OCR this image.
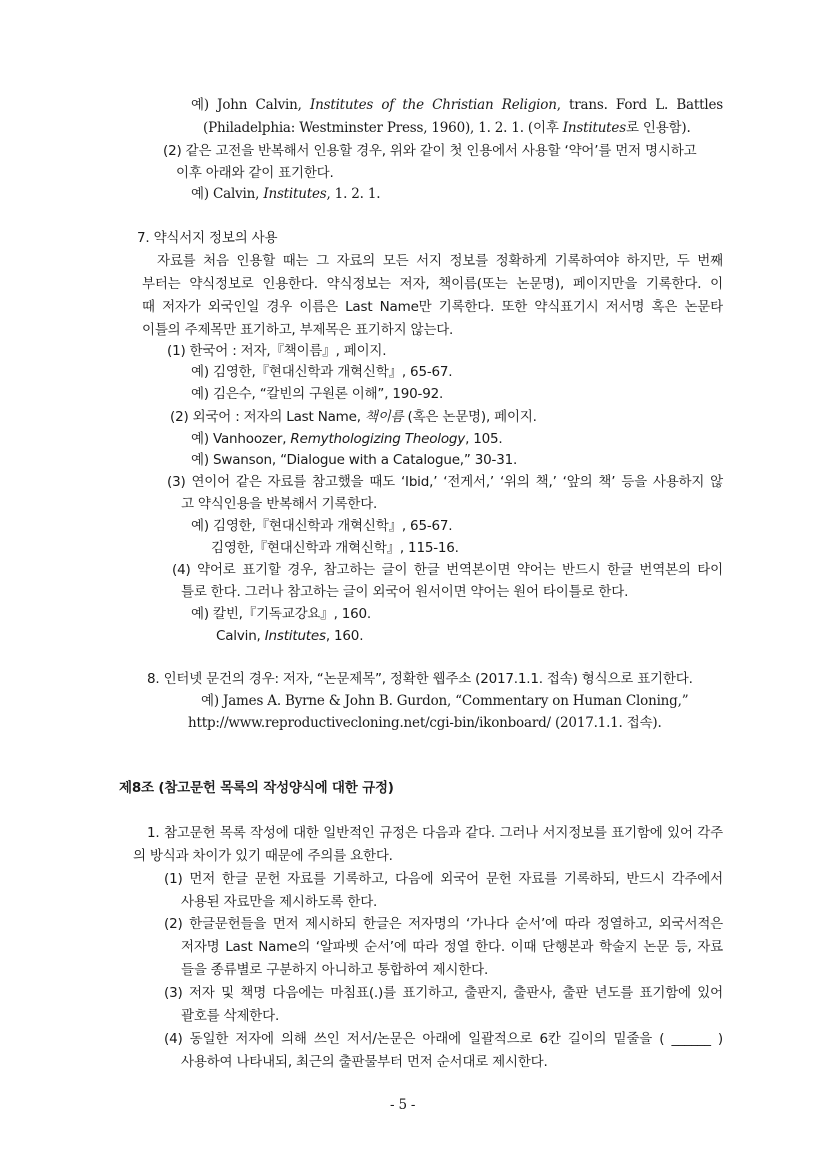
예) John Calvin, Institutes of the Christian Religion, trans. Ford L. Battles
(Philadelphia: Westminster Press, 1960), 1. 2. 1. (이후 Institutes로 인용함).
(2) 같은 고전을 반복해서 인용할 경우, 위와 같이 첫 인용에서 사용할 ‘약어’를 먼저 명시하고
이후 아래와 같이 표기한다.
예) Calvin, Institutes, 1. 2. 1.
7. 약식서지 정보의 사용
자료를 처음 인용할 때는 그 자료의 모든 서지 정보를 정확하게 기록하여야 하지만, 두 번째
부터는 약식정보로 인용한다. 약식정보는 저자, 책이름(또는 논문명), 페이지만을 기록한다. 이
때 저자가 외국인일 경우 이름은 Last Name만 기록한다. 또한 약식표기시 저서명 혹은 논문타
이틀의 주제목만 표기하고, 부제목은 표기하지 않는다.
(1) 한국어 : 저자,『책이름』, 페이지.
예) 김영한,『현대신학과 개혁신학』, 65-67.
예) 김은수, “칼빈의 구원론 이해”, 190-92.
(2) 외국어 : 저자의 Last Name, 책이름 (혹은 논문명), 페이지.
예) Vanhoozer, Remythologizing Theology, 105.
예) Swanson, “Dialogue with a Catalogue,” 30-31.
(3) 연이어 같은 자료를 참고했을 때도 ‘Ibid,’ ‘전게서,’ ‘위의 책,’ ‘앞의 책’ 등을 사용하지 않
고 약식인용을 반복해서 기록한다.
예) 김영한,『현대신학과 개혁신학』, 65-67.
김영한,『현대신학과 개혁신학』, 115-16.
(4) 약어로 표기할 경우, 참고하는 글이 한글 번역본이면 약어는 반드시 한글 번역본의 타이
틀로 한다. 그러나 참고하는 글이 외국어 원서이면 약어는 원어 타이틀로 한다.
예) 칼빈,『기독교강요』, 160.
Calvin, Institutes, 160.
8. 인터넷 문건의 경우: 저자, “논문제목”, 정확한 웹주소 (2017.1.1. 접속) 형식으로 표기한다.
예) James A. Byrne & John B. Gurdon, “Commentary on Human Cloning,”
http://www.reproductivecloning.net/cgi-bin/ikonboard/ (2017.1.1. 접속).
제8조 (참고문헌 목록의 작성양식에 대한 규정)
1. 참고문헌 목록 작성에 대한 일반적인 규정은 다음과 같다. 그러나 서지정보를 표기함에 있어 각주
의 방식과 차이가 있기 때문에 주의를 요한다.
(1) 먼저 한글 문헌 자료를 기록하고, 다음에 외국어 문헌 자료를 기록하되, 반드시 각주에서
사용된 자료만을 제시하도록 한다.
(2) 한글문헌들을 먼저 제시하되 한글은 저자명의 ‘가나다 순서’에 따라 정열하고, 외국서적은
저자명 Last Name의 ‘알파벳 순서’에 따라 정열 한다. 이때 단행본과 학술지 논문 등, 자료
들을 종류별로 구분하지 아니하고 통합하여 제시한다.
(3) 저자 및 책명 다음에는 마침표(.)를 표기하고, 출판지, 출판사, 출판 년도를 표기함에 있어
괄호를 삭제한다.
(4) 동일한 저자에 의해 쓰인 저서/논문은 아래에 일괄적으로 6칸 길이의 밑줄을 ( ______ )
사용하여 나타내되, 최근의 출판물부터 먼저 순서대로 제시한다.
- 5 -
